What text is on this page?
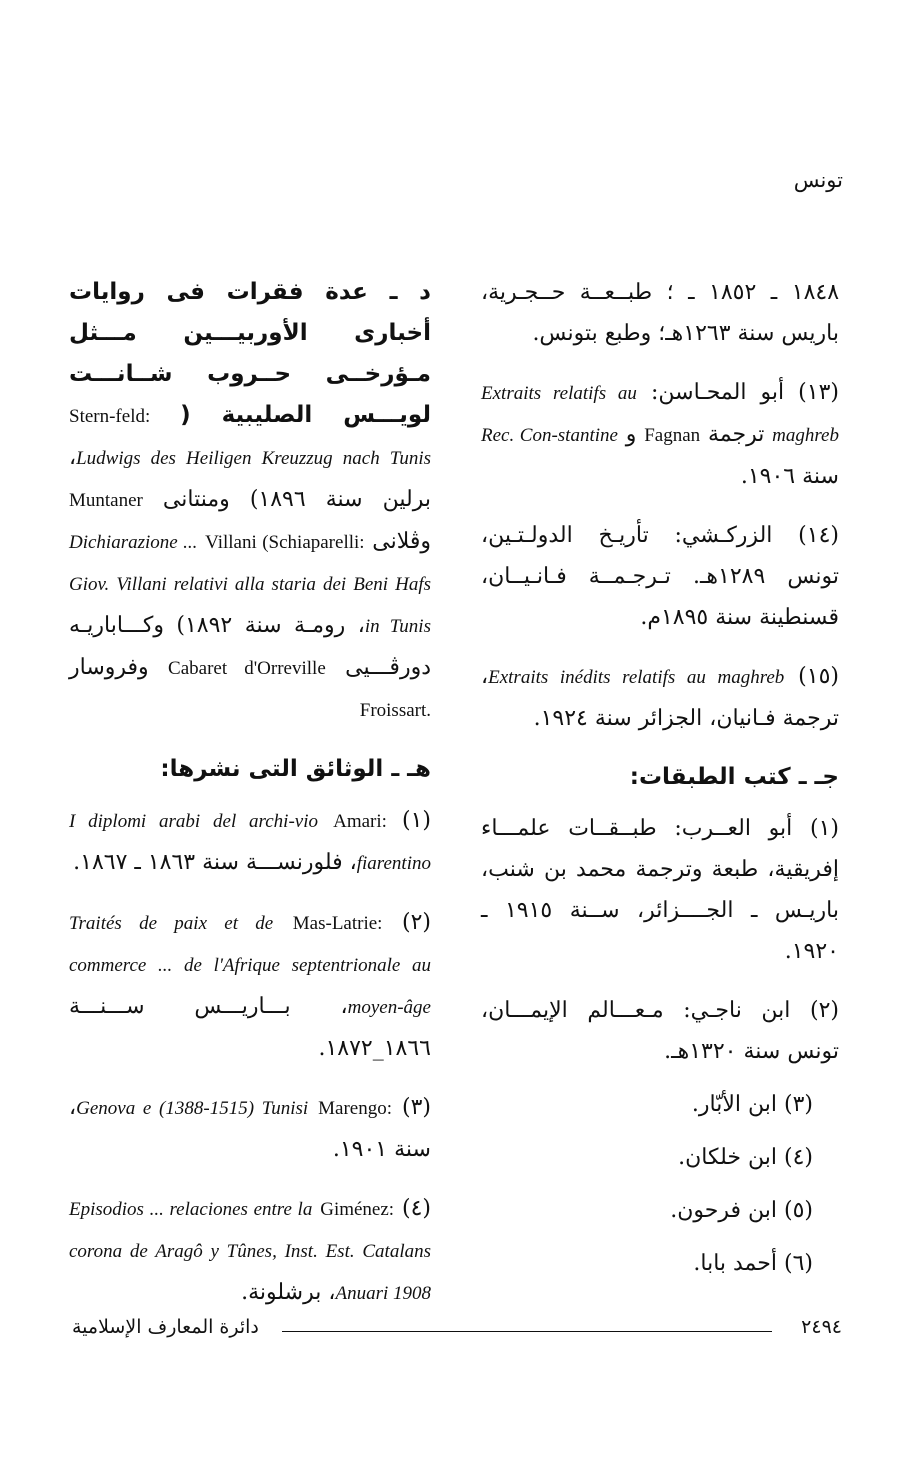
تونس

١٨٤٨ ـ ١٨٥٢ ـ ؛ طبــعــة حــجـرية، باريس سنة ١٢٦٣هـ؛ وطبع بتونس.

(١٣) أبو المحـاسن: Extraits relatifs au maghreb ترجمة Fagnan و Rec. Con-stantine سنة ١٩٠٦.

(١٤) الزركـشي: تأريـخ الدولـتـين، تونس ١٢٨٩هـ. تـرجـمــة فـانـيــان، قسنطينة سنة ١٨٩٥م.

(١٥) Extraits inédits relatifs au maghreb، ترجمة فـانيان، الجزائر سنة ١٩٢٤.

جـ ـ كتب الطبقات:

(١) أبو العــرب: طبــقــات علمـــاء إفريقية، طبعة وترجمة محمد بن شنب، باريـس ـ الجــــزائر، ســنة ١٩١٥ ـ ١٩٢٠.

(٢) ابن ناجـي: مـعـــالم الإيمـــان، تونس سنة ١٣٢٠هـ.

(٣) ابن الأبّار.
(٤) ابن خلكان.
(٥) ابن فرحون.
(٦) أحمد بابا.

د ـ عدة فقرات فى روايات أخبارى الأوربيـــين مـــثل مـؤرخــى حــروب شــانـــت لويـــس الصليبية ( Stern-feld: Ludwigs des Heiligen Kreuzzug nach Tunis، برلين سنة ١٨٩٦) ومنتانى Muntaner وڤلانى Villani (Schiaparelli: Dichiarazione ... Giov. Villani relativi alla staria dei Beni Hafs in Tunis، رومـة سنة ١٨٩٢) وكـــاباريـه دورڤـــيى Cabaret d'Orreville وفروسار Froissart.

هـ ـ الوثائق التى نشرها:

(١) Amari: I diplomi arabi del archi-vio fiarentino، فلورنســـة سنة ١٨٦٣ ـ ١٨٦٧.

(٢) Mas-Latrie: Traités de paix et de commerce ... de l'Afrique septentrionale au moyen-âge، بـــاريـــس ســـنـــة ١٨٦٦_١٨٧٢.

(٣) Marengo: Genova e (1388-1515) Tunisi، سنة ١٩٠١.

(٤) Giménez: Episodios ... relaciones entre la corona de Aragô y Tûnes, Inst. Est. Catalans Anuari 1908، برشلونة.

دائرة المعارف الإسلامية	٢٤٩٤
